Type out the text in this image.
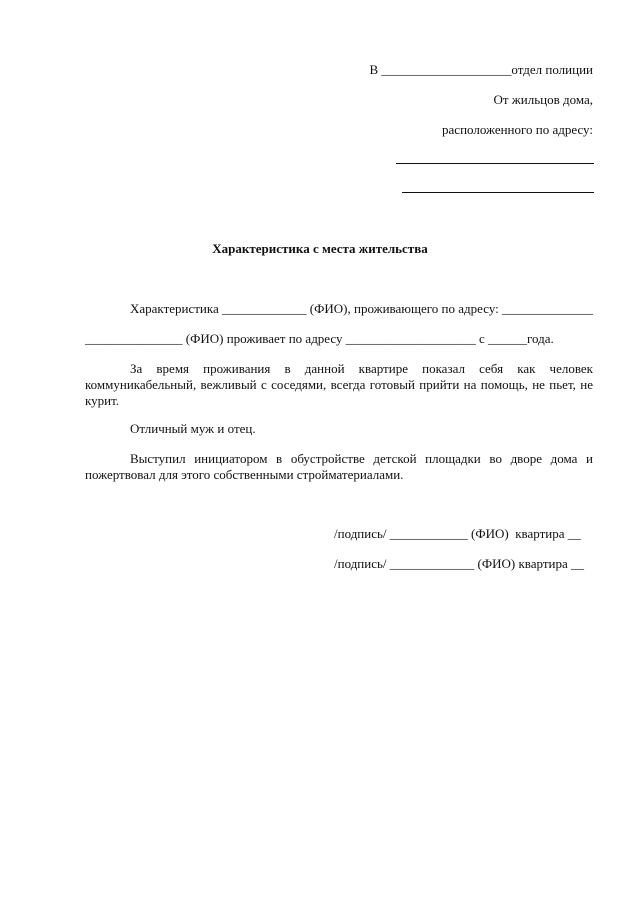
В ____________________отдел полиции
От жильцов дома,
расположенного по адресу:
Характеристика с места жительства
Характеристика _____________ (ФИО), проживающего по адресу: ______________
_______________ (ФИО) проживает по адресу ____________________ с ______года.
За время проживания в данной квартире показал себя как человек коммуникабельный, вежливый с соседями, всегда готовый прийти на помощь, не пьет, не курит.
Отличный муж и отец.
Выступил инициатором в обустройстве детской площадки во дворе дома и пожертвовал для этого собственными стройматериалами.
/подпись/ ____________ (ФИО)  квартира __
/подпись/ _____________ (ФИО) квартира __
